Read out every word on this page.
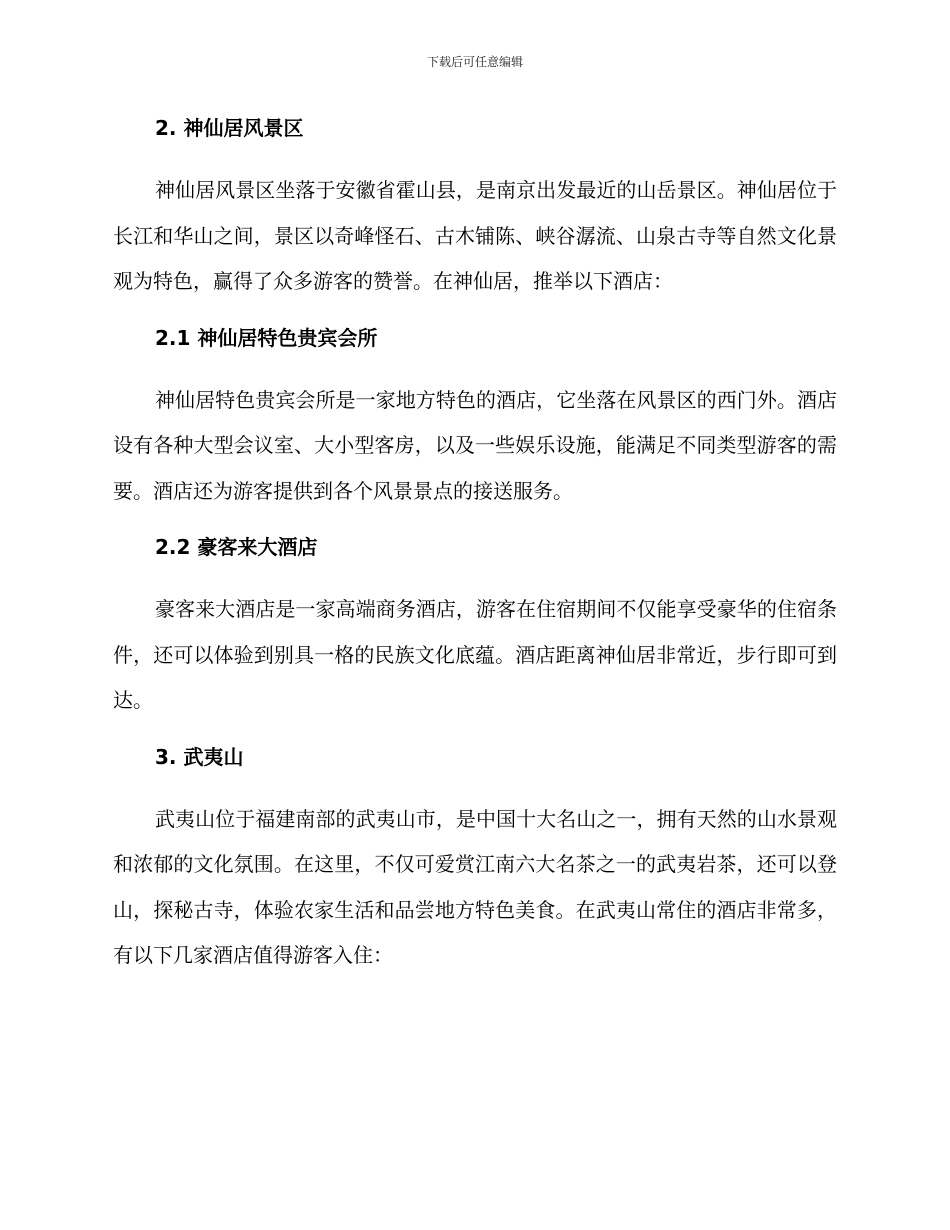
下载后可任意编辑
2. 神仙居风景区

神仙居风景区坐落于安徽省霍山县，是南京出发最近的山岳景区。神仙居位于长江和华山之间，景区以奇峰怪石、古木铺陈、峡谷潺流、山泉古寺等自然文化景观为特色，赢得了众多游客的赞誉。在神仙居，推举以下酒店：

2.1 神仙居特色贵宾会所

神仙居特色贵宾会所是一家地方特色的酒店，它坐落在风景区的西门外。酒店设有各种大型会议室、大小型客房，以及一些娱乐设施，能满足不同类型游客的需要。酒店还为游客提供到各个风景景点的接送服务。

2.2 豪客来大酒店

豪客来大酒店是一家高端商务酒店，游客在住宿期间不仅能享受豪华的住宿条件，还可以体验到别具一格的民族文化底蕴。酒店距离神仙居非常近，步行即可到达。

3. 武夷山

武夷山位于福建南部的武夷山市，是中国十大名山之一，拥有天然的山水景观和浓郁的文化氛围。在这里，不仅可爱赏江南六大名茶之一的武夷岩茶，还可以登山，探秘古寺，体验农家生活和品尝地方特色美食。在武夷山常住的酒店非常多，有以下几家酒店值得游客入住：
